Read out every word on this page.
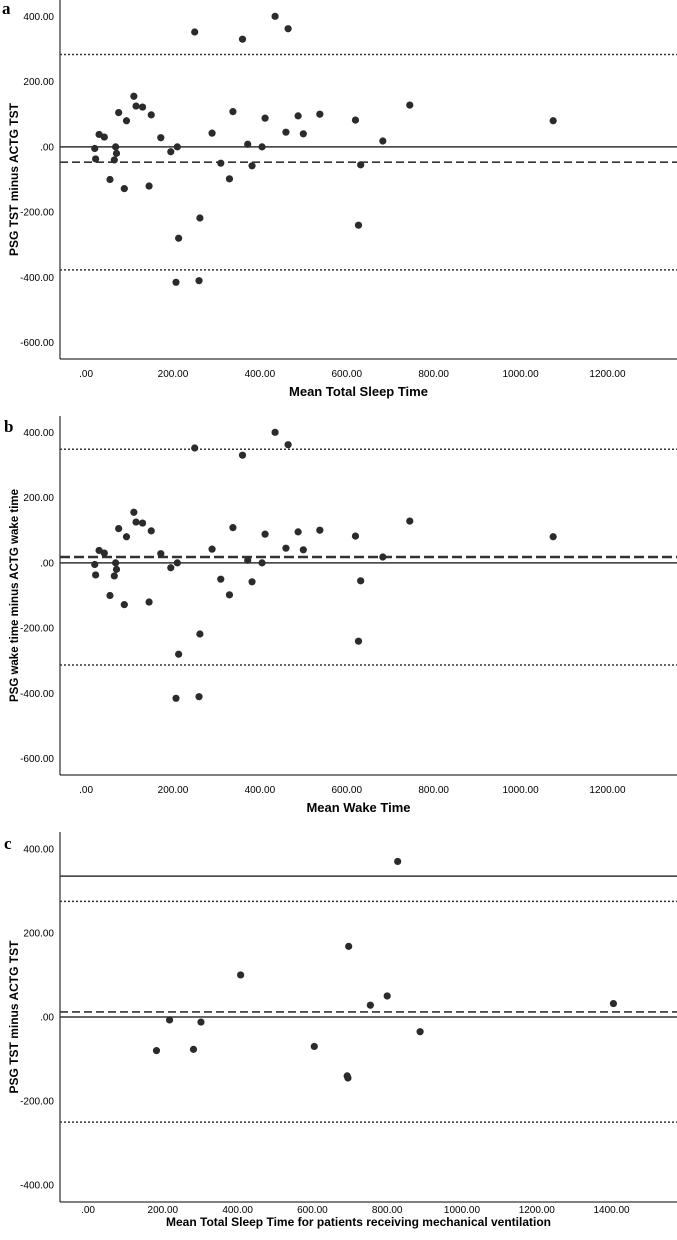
a 400.00
200.00
.00
-200.00
-400.00
-600.00
.00	200.00	400.00	600.00	800.00	1000.00	1200.00
Mean Total Sleep Time
PSG TST minus ACTG TST
b 400.00
200.00
.00
-200.00
-400.00
-600.00
.00	200.00	400.00	600.00	800.00	1000.00	1200.00
Mean Wake Time
PSG wake time minus ACTG wake time
c 400.00
200.00
.00
-200.00
-400.00
.00	200.00	400.00	600.00	800.00	1000.00	1200.00	1400.00
Mean Total Sleep Time for patients receiving mechanical ventilation
PSG TST minus ACTG TST
